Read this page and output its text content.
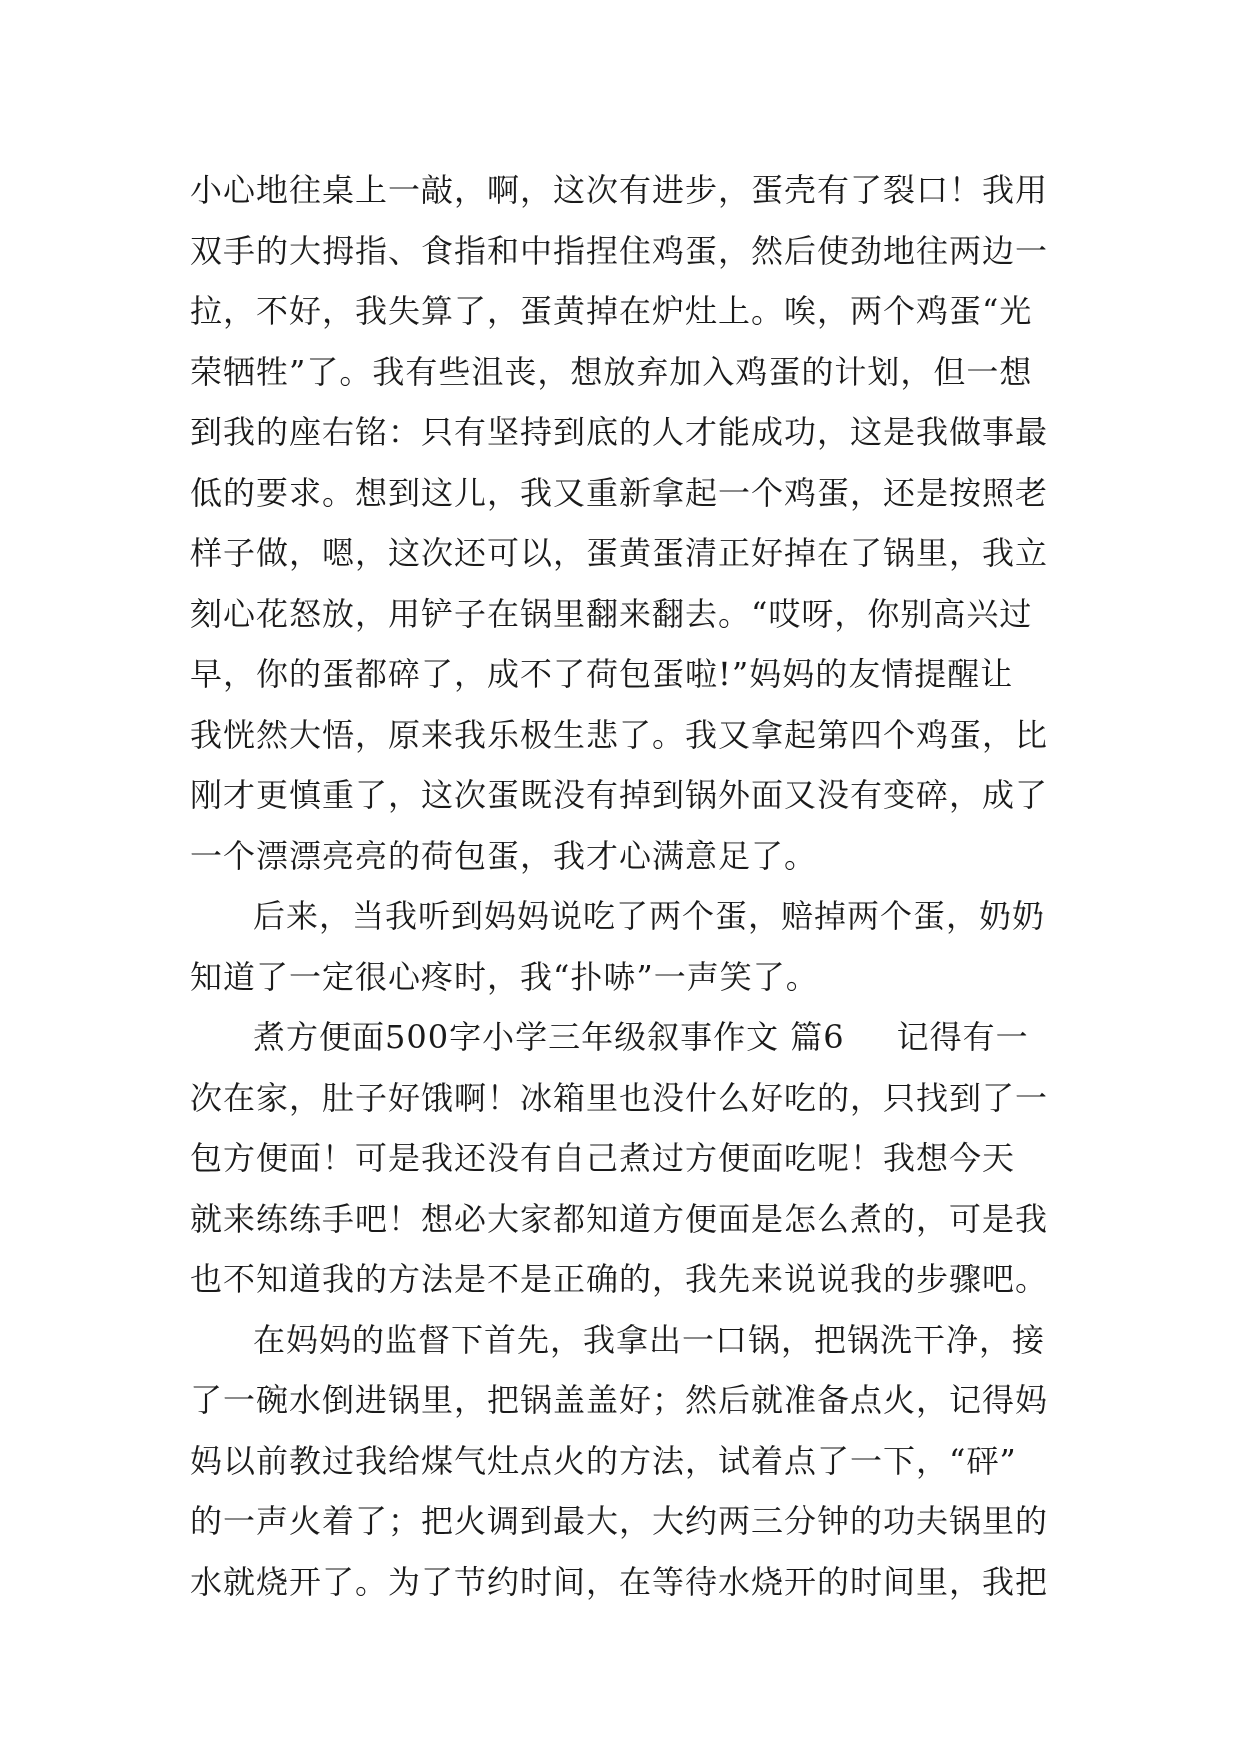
小心地往桌上一敲，啊，这次有进步，蛋壳有了裂口！我用
双手的大拇指、食指和中指捏住鸡蛋，然后使劲地往两边一
拉，不好，我失算了，蛋黄掉在炉灶上。唉，两个鸡蛋“光
荣牺牲”了。我有些沮丧，想放弃加入鸡蛋的计划，但一想
到我的座右铭：只有坚持到底的人才能成功，这是我做事最
低的要求。想到这儿，我又重新拿起一个鸡蛋，还是按照老
样子做，嗯，这次还可以，蛋黄蛋清正好掉在了锅里，我立
刻心花怒放，用铲子在锅里翻来翻去。“哎呀，你别高兴过
早，你的蛋都碎了，成不了荷包蛋啦!”妈妈的友情提醒让
我恍然大悟，原来我乐极生悲了。我又拿起第四个鸡蛋，比
刚才更慎重了，这次蛋既没有掉到锅外面又没有变碎，成了
一个漂漂亮亮的荷包蛋，我才心满意足了。
后来，当我听到妈妈说吃了两个蛋，赔掉两个蛋，奶奶
知道了一定很心疼时，我“扑哧”一声笑了。
煮方便面500字小学三年级叙事作文 篇6 记得有一
次在家，肚子好饿啊！冰箱里也没什么好吃的，只找到了一
包方便面！可是我还没有自己煮过方便面吃呢！我想今天
就来练练手吧！想必大家都知道方便面是怎么煮的，可是我
也不知道我的方法是不是正确的，我先来说说我的步骤吧。
在妈妈的监督下首先，我拿出一口锅，把锅洗干净，接
了一碗水倒进锅里，把锅盖盖好；然后就准备点火，记得妈
妈以前教过我给煤气灶点火的方法，试着点了一下，“砰”
的一声火着了；把火调到最大，大约两三分钟的功夫锅里的
水就烧开了。为了节约时间，在等待水烧开的时间里，我把
